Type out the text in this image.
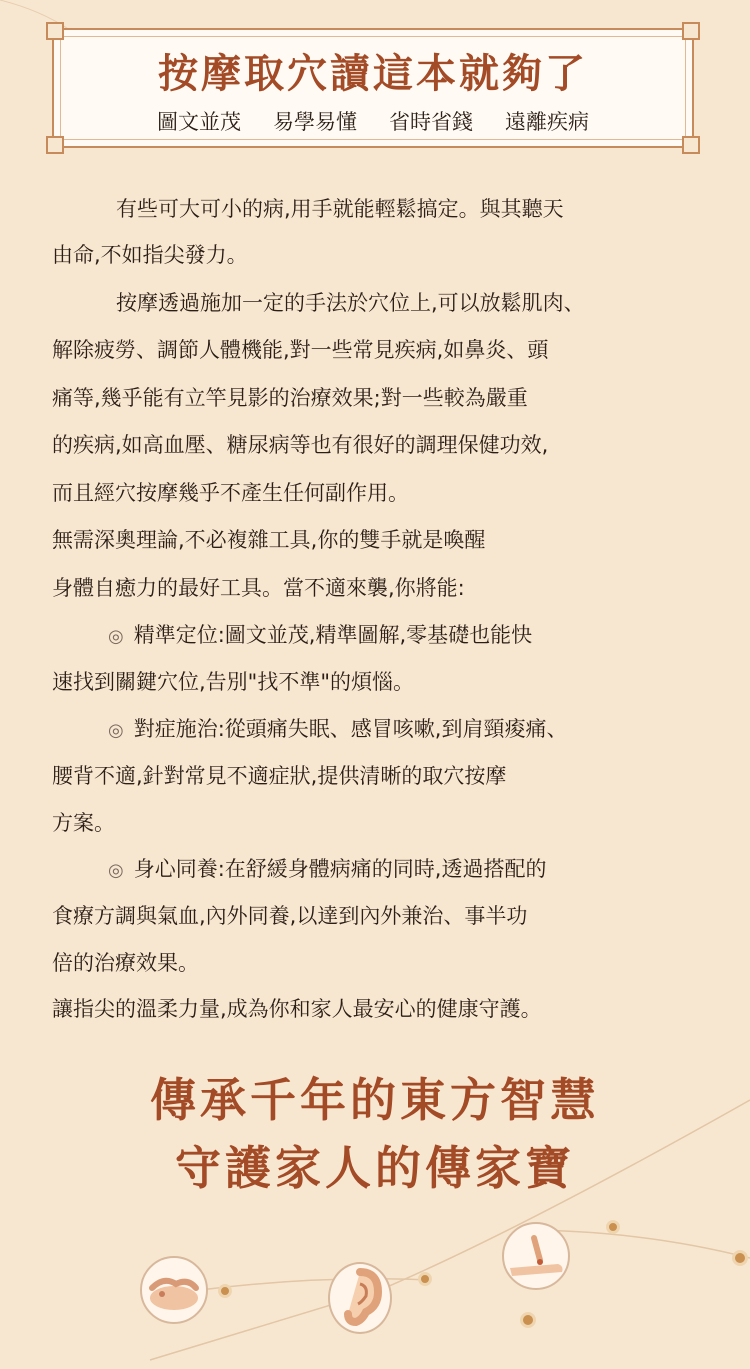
按摩取穴讀這本就夠了
圖文並茂 易學易懂 省時省錢 遠離疾病
有些可大可小的病,用手就能輕鬆搞定。與其聽天
由命,不如指尖發力。
按摩透過施加一定的手法於穴位上,可以放鬆肌肉、
解除疲勞、調節人體機能,對一些常見疾病,如鼻炎、頭
痛等,幾乎能有立竿見影的治療效果;對一些較為嚴重
的疾病,如高血壓、糖尿病等也有很好的調理保健功效,
而且經穴按摩幾乎不產生任何副作用。
無需深奧理論,不必複雜工具,你的雙手就是喚醒
身體自癒力的最好工具。當不適來襲,你將能:
◎ 精準定位:圖文並茂,精準圖解,零基礎也能快
速找到關鍵穴位,告別"找不準"的煩惱。
◎ 對症施治:從頭痛失眠、感冒咳嗽,到肩頸痠痛、
腰背不適,針對常見不適症狀,提供清晰的取穴按摩
方案。
◎ 身心同養:在舒緩身體病痛的同時,透過搭配的
食療方調與氣血,內外同養,以達到內外兼治、事半功
倍的治療效果。
讓指尖的溫柔力量,成為你和家人最安心的健康守護。
傳承千年的東方智慧
守護家人的傳家寶
